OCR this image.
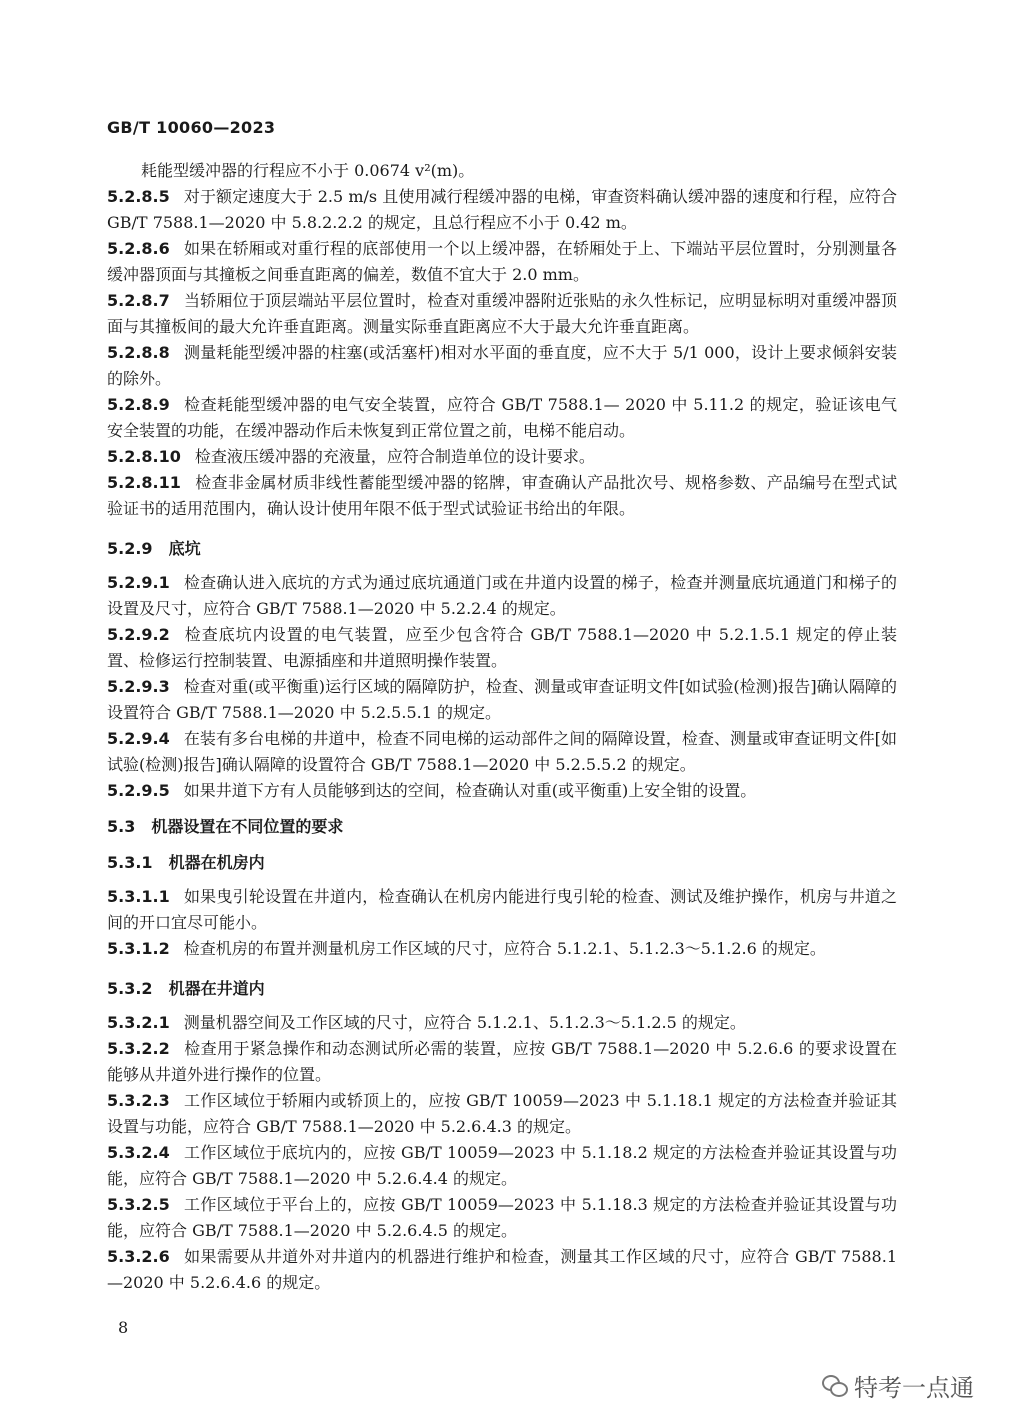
GB/T 10060—2023

耗能型缓冲器的行程应不小于 0.0674 v²(m)。

5.2.8.5 对于额定速度大于 2.5 m/s 且使用减行程缓冲器的电梯，审查资料确认缓冲器的速度和行程，应符合 GB/T 7588.1—2020 中 5.8.2.2.2 的规定，且总行程应不小于 0.42 m。

5.2.8.6 如果在轿厢或对重行程的底部使用一个以上缓冲器，在轿厢处于上、下端站平层位置时，分别测量各缓冲器顶面与其撞板之间垂直距离的偏差，数值不宜大于 2.0 mm。

5.2.8.7 当轿厢位于顶层端站平层位置时，检查对重缓冲器附近张贴的永久性标记，应明显标明对重缓冲器顶面与其撞板间的最大允许垂直距离。测量实际垂直距离应不大于最大允许垂直距离。

5.2.8.8 测量耗能型缓冲器的柱塞(或活塞杆)相对水平面的垂直度，应不大于 5/1 000，设计上要求倾斜安装的除外。

5.2.8.9 检查耗能型缓冲器的电气安全装置，应符合 GB/T 7588.1— 2020 中 5.11.2 的规定，验证该电气安全装置的功能，在缓冲器动作后未恢复到正常位置之前，电梯不能启动。

5.2.8.10 检查液压缓冲器的充液量，应符合制造单位的设计要求。

5.2.8.11 检查非金属材质非线性蓄能型缓冲器的铭牌，审查确认产品批次号、规格参数、产品编号在型式试验证书的适用范围内，确认设计使用年限不低于型式试验证书给出的年限。

5.2.9 底坑

5.2.9.1 检查确认进入底坑的方式为通过底坑通道门或在井道内设置的梯子，检查并测量底坑通道门和梯子的设置及尺寸，应符合 GB/T 7588.1—2020 中 5.2.2.4 的规定。

5.2.9.2 检查底坑内设置的电气装置，应至少包含符合 GB/T 7588.1—2020 中 5.2.1.5.1 规定的停止装置、检修运行控制装置、电源插座和井道照明操作装置。

5.2.9.3 检查对重(或平衡重)运行区域的隔障防护，检查、测量或审查证明文件[如试验(检测)报告]确认隔障的设置符合 GB/T 7588.1—2020 中 5.2.5.5.1 的规定。

5.2.9.4 在装有多台电梯的井道中，检查不同电梯的运动部件之间的隔障设置，检查、测量或审查证明文件[如试验(检测)报告]确认隔障的设置符合 GB/T 7588.1—2020 中 5.2.5.5.2 的规定。

5.2.9.5 如果井道下方有人员能够到达的空间，检查确认对重(或平衡重)上安全钳的设置。

5.3 机器设置在不同位置的要求
5.3.1 机器在机房内

5.3.1.1 如果曳引轮设置在井道内，检查确认在机房内能进行曳引轮的检查、测试及维护操作，机房与井道之间的开口宜尽可能小。

5.3.1.2 检查机房的布置并测量机房工作区域的尺寸，应符合 5.1.2.1、5.1.2.3～5.1.2.6 的规定。

5.3.2 机器在井道内

5.3.2.1 测量机器空间及工作区域的尺寸，应符合 5.1.2.1、5.1.2.3～5.1.2.5 的规定。

5.3.2.2 检查用于紧急操作和动态测试所必需的装置，应按 GB/T 7588.1—2020 中 5.2.6.6 的要求设置在能够从井道外进行操作的位置。

5.3.2.3 工作区域位于轿厢内或轿顶上的，应按 GB/T 10059—2023 中 5.1.18.1 规定的方法检查并验证其设置与功能，应符合 GB/T 7588.1—2020 中 5.2.6.4.3 的规定。

5.3.2.4 工作区域位于底坑内的，应按 GB/T 10059—2023 中 5.1.18.2 规定的方法检查并验证其设置与功能，应符合 GB/T 7588.1—2020 中 5.2.6.4.4 的规定。

5.3.2.5 工作区域位于平台上的，应按 GB/T 10059—2023 中 5.1.18.3 规定的方法检查并验证其设置与功能，应符合 GB/T 7588.1—2020 中 5.2.6.4.5 的规定。

5.3.2.6 如果需要从井道外对井道内的机器进行维护和检查，测量其工作区域的尺寸，应符合 GB/T 7588.1—2020 中 5.2.6.4.6 的规定。

8
特考一点通
